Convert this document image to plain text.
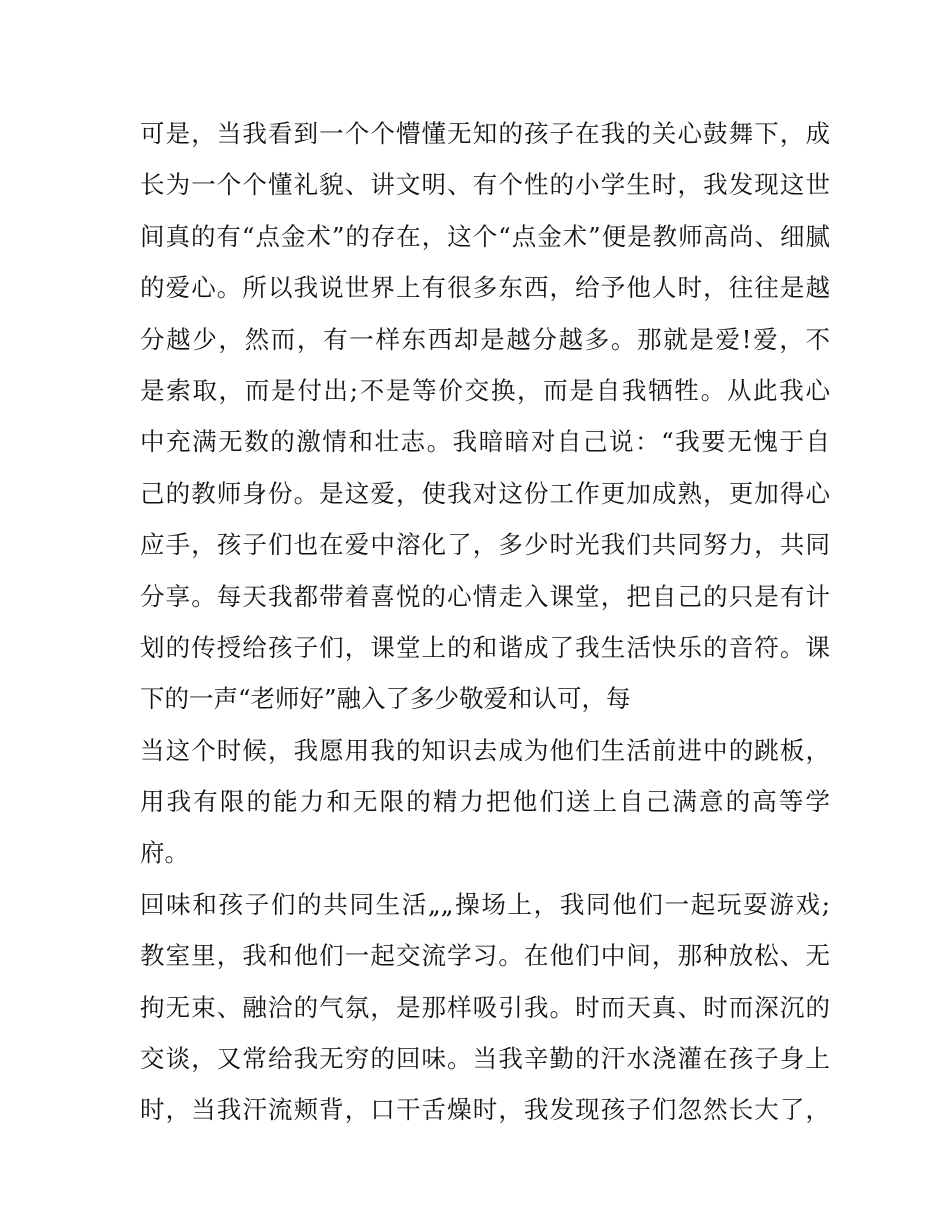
可是，当我看到一个个懵懂无知的孩子在我的关心鼓舞下，成
长为一个个懂礼貌、讲文明、有个性的小学生时，我发现这世
间真的有“点金术”的存在，这个“点金术”便是教师高尚、细腻
的爱心。所以我说世界上有很多东西，给予他人时，往往是越
分越少，然而，有一样东西却是越分越多。那就是爱!爱，不
是索取，而是付出;不是等价交换，而是自我牺牲。从此我心
中充满无数的激情和壮志。我暗暗对自己说：“我要无愧于自
己的教师身份。是这爱，使我对这份工作更加成熟，更加得心
应手，孩子们也在爱中溶化了，多少时光我们共同努力，共同
分享。每天我都带着喜悦的心情走入课堂，把自己的只是有计
划的传授给孩子们，课堂上的和谐成了我生活快乐的音符。课
下的一声“老师好”融入了多少敬爱和认可，每
当这个时候，我愿用我的知识去成为他们生活前进中的跳板，
用我有限的能力和无限的精力把他们送上自己满意的高等学
府。
回味和孩子们的共同生活„„操场上，我同他们一起玩耍游戏;
教室里，我和他们一起交流学习。在他们中间，那种放松、无
拘无束、融洽的气氛，是那样吸引我。时而天真、时而深沉的
交谈，又常给我无穷的回味。当我辛勤的汗水浇灌在孩子身上
时，当我汗流颊背，口干舌燥时，我发现孩子们忽然长大了，
